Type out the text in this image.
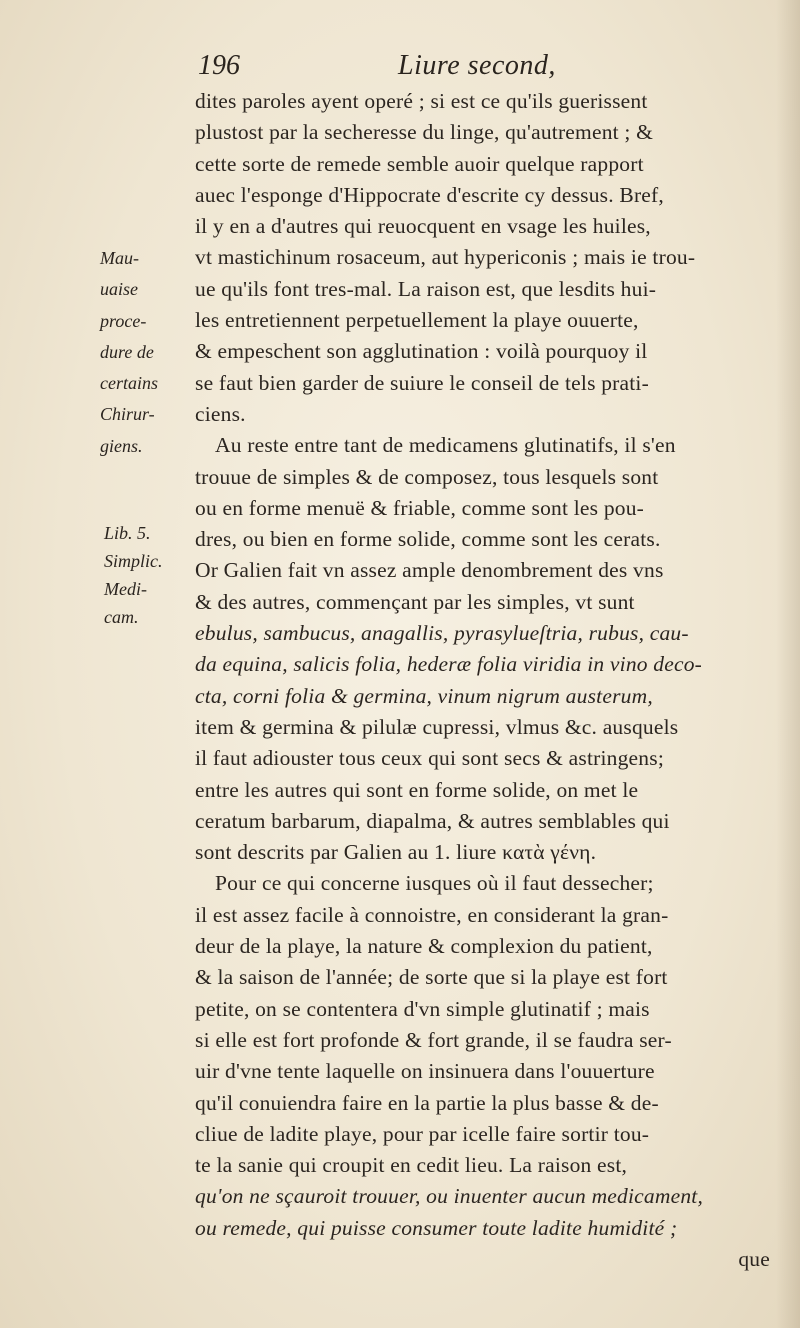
196	Liure second,
Mau-
uaise
proce-
dure de
certains
Chirur-
giens.
Lib. 5.
Simplic.
Medi-
cam.
dites paroles ayent operé ; si est ce qu'ils guerissent
plustost par la secheresse du linge, qu'autrement ; &
cette sorte de remede semble auoir quelque rapport
auec l'esponge d'Hippocrate d'escrite cy dessus. Bref,
il y en a d'autres qui reuocquent en vsage les huiles,
vt mastichinum rosaceum, aut hypericonis ; mais ie trou-
ue qu'ils font tres-mal. La raison est, que lesdits hui-
les entretiennent perpetuellement la playe ouuerte,
& empeschent son agglutination : voilà pourquoy il
se faut bien garder de suiure le conseil de tels prati-
ciens.
Au reste entre tant de medicamens glutinatifs, il s'en
trouue de simples & de composez, tous lesquels sont
ou en forme menuë & friable, comme sont les pou-
dres, ou bien en forme solide, comme sont les cerats.
Or Galien fait vn assez ample denombrement des vns
& des autres, commençant par les simples, vt sunt
ebulus, sambucus, anagallis, pyrasylueſtria, rubus, cau-
da equina, salicis folia, hederæ folia viridia in vino deco-
cta, corni folia & germina, vinum nigrum austerum,
item & germina & pilulæ cupressi, vlmus &c. ausquels
il faut adiouster tous ceux qui sont secs & astringens;
entre les autres qui sont en forme solide, on met le
ceratum barbarum, diapalma, & autres semblables qui
sont descrits par Galien au 1. liure κατὰ γένη.
Pour ce qui concerne iusques où il faut dessecher;
il est assez facile à connoistre, en considerant la gran-
deur de la playe, la nature & complexion du patient,
& la saison de l'année; de sorte que si la playe est fort
petite, on se contentera d'vn simple glutinatif ; mais
si elle est fort profonde & fort grande, il se faudra ser-
uir d'vne tente laquelle on insinuera dans l'ouuerture
qu'il conuiendra faire en la partie la plus basse & de-
cliue de ladite playe, pour par icelle faire sortir tou-
te la sanie qui croupit en cedit lieu. La raison est,
qu'on ne sçauroit trouuer, ou inuenter aucun medicament,
ou remede, qui puisse consumer toute ladite humidité ;
que
